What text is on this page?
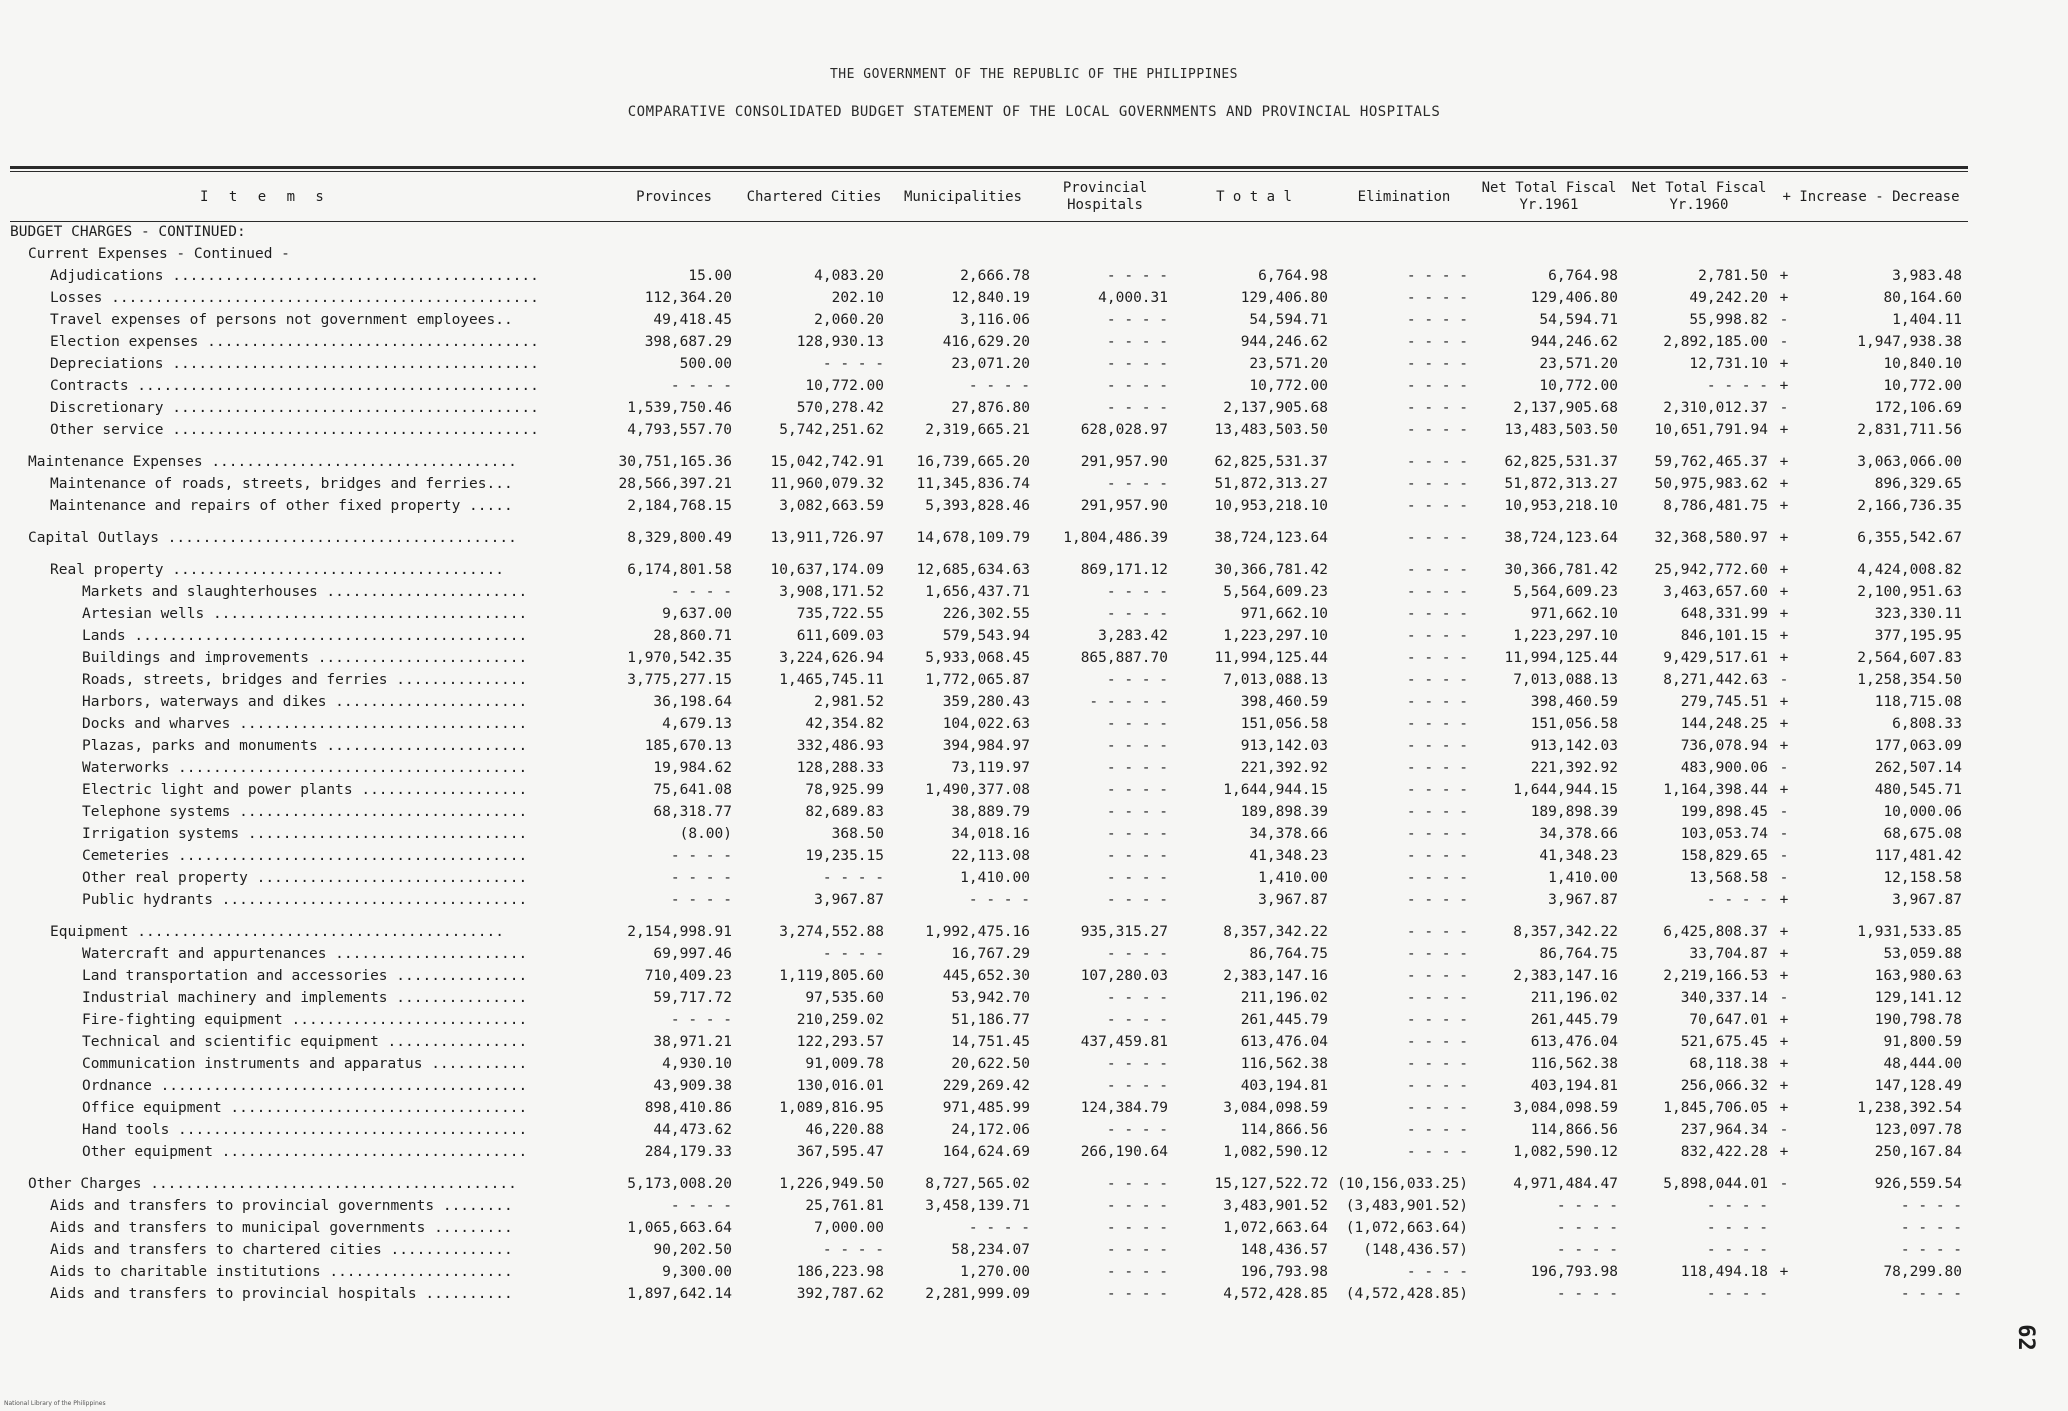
THE GOVERNMENT OF THE REPUBLIC OF THE PHILIPPINES
COMPARATIVE CONSOLIDATED BUDGET STATEMENT OF THE LOCAL GOVERNMENTS AND PROVINCIAL HOSPITALS
I t e m s	Provinces	Chartered Cities	Municipalities	Provincial Hospitals	T o t a l	Elimination	Net Total Fiscal Yr.1961	Net Total Fiscal Yr.1960	+ Increase - Decrease	

BUDGET CHARGES - CONTINUED:										

Current Expenses - Continued -										

Adjudications ..........................................	15.00	4,083.20	2,666.78	- - - -	6,764.98	- - - -	6,764.98	2,781.50	+	3,983.48

Losses .................................................	112,364.20	202.10	12,840.19	4,000.31	129,406.80	- - - -	129,406.80	49,242.20	+	80,164.60

Travel expenses of persons not government employees..	49,418.45	2,060.20	3,116.06	- - - -	54,594.71	- - - -	54,594.71	55,998.82	-	1,404.11

Election expenses ......................................	398,687.29	128,930.13	416,629.20	- - - -	944,246.62	- - - -	944,246.62	2,892,185.00	-	1,947,938.38

Depreciations ..........................................	500.00	- - - -	23,071.20	- - - -	23,571.20	- - - -	23,571.20	12,731.10	+	10,840.10

Contracts ..............................................	- - - -	10,772.00	- - - -	- - - -	10,772.00	- - - -	10,772.00	- - - -	+	10,772.00

Discretionary ..........................................	1,539,750.46	570,278.42	27,876.80	- - - -	2,137,905.68	- - - -	2,137,905.68	2,310,012.37	-	172,106.69

Other service ..........................................	4,793,557.70	5,742,251.62	2,319,665.21	628,028.97	13,483,503.50	- - - -	13,483,503.50	10,651,791.94	+	2,831,711.56

Maintenance Expenses ...................................	30,751,165.36	15,042,742.91	16,739,665.20	291,957.90	62,825,531.37	- - - -	62,825,531.37	59,762,465.37	+	3,063,066.00

Maintenance of roads, streets, bridges and ferries...	28,566,397.21	11,960,079.32	11,345,836.74	- - - -	51,872,313.27	- - - -	51,872,313.27	50,975,983.62	+	896,329.65

Maintenance and repairs of other fixed property .....	2,184,768.15	3,082,663.59	5,393,828.46	291,957.90	10,953,218.10	- - - -	10,953,218.10	8,786,481.75	+	2,166,736.35

Capital Outlays ........................................	8,329,800.49	13,911,726.97	14,678,109.79	1,804,486.39	38,724,123.64	- - - -	38,724,123.64	32,368,580.97	+	6,355,542.67

Real property ......................................	6,174,801.58	10,637,174.09	12,685,634.63	869,171.12	30,366,781.42	- - - -	30,366,781.42	25,942,772.60	+	4,424,008.82

Markets and slaughterhouses .......................	- - - -	3,908,171.52	1,656,437.71	- - - -	5,564,609.23	- - - -	5,564,609.23	3,463,657.60	+	2,100,951.63

Artesian wells ....................................	9,637.00	735,722.55	226,302.55	- - - -	971,662.10	- - - -	971,662.10	648,331.99	+	323,330.11

Lands .............................................	28,860.71	611,609.03	579,543.94	3,283.42	1,223,297.10	- - - -	1,223,297.10	846,101.15	+	377,195.95

Buildings and improvements ........................	1,970,542.35	3,224,626.94	5,933,068.45	865,887.70	11,994,125.44	- - - -	11,994,125.44	9,429,517.61	+	2,564,607.83

Roads, streets, bridges and ferries ...............	3,775,277.15	1,465,745.11	1,772,065.87	- - - -	7,013,088.13	- - - -	7,013,088.13	8,271,442.63	-	1,258,354.50

Harbors, waterways and dikes ......................	36,198.64	2,981.52	359,280.43	- - - - -	398,460.59	- - - -	398,460.59	279,745.51	+	118,715.08

Docks and wharves .................................	4,679.13	42,354.82	104,022.63	- - - -	151,056.58	- - - -	151,056.58	144,248.25	+	6,808.33

Plazas, parks and monuments .......................	185,670.13	332,486.93	394,984.97	- - - -	913,142.03	- - - -	913,142.03	736,078.94	+	177,063.09

Waterworks ........................................	19,984.62	128,288.33	73,119.97	- - - -	221,392.92	- - - -	221,392.92	483,900.06	-	262,507.14

Electric light and power plants ...................	75,641.08	78,925.99	1,490,377.08	- - - -	1,644,944.15	- - - -	1,644,944.15	1,164,398.44	+	480,545.71

Telephone systems .................................	68,318.77	82,689.83	38,889.79	- - - -	189,898.39	- - - -	189,898.39	199,898.45	-	10,000.06

Irrigation systems ................................	(8.00)	368.50	34,018.16	- - - -	34,378.66	- - - -	34,378.66	103,053.74	-	68,675.08

Cemeteries ........................................	- - - -	19,235.15	22,113.08	- - - -	41,348.23	- - - -	41,348.23	158,829.65	-	117,481.42

Other real property ...............................	- - - -	- - - -	1,410.00	- - - -	1,410.00	- - - -	1,410.00	13,568.58	-	12,158.58

Public hydrants ...................................	- - - -	3,967.87	- - - -	- - - -	3,967.87	- - - -	3,967.87	- - - -	+	3,967.87

Equipment ..........................................	2,154,998.91	3,274,552.88	1,992,475.16	935,315.27	8,357,342.22	- - - -	8,357,342.22	6,425,808.37	+	1,931,533.85

Watercraft and appurtenances ......................	69,997.46	- - - -	16,767.29	- - - -	86,764.75	- - - -	86,764.75	33,704.87	+	53,059.88

Land transportation and accessories ...............	710,409.23	1,119,805.60	445,652.30	107,280.03	2,383,147.16	- - - -	2,383,147.16	2,219,166.53	+	163,980.63

Industrial machinery and implements ...............	59,717.72	97,535.60	53,942.70	- - - -	211,196.02	- - - -	211,196.02	340,337.14	-	129,141.12

Fire-fighting equipment ...........................	- - - -	210,259.02	51,186.77	- - - -	261,445.79	- - - -	261,445.79	70,647.01	+	190,798.78

Technical and scientific equipment ................	38,971.21	122,293.57	14,751.45	437,459.81	613,476.04	- - - -	613,476.04	521,675.45	+	91,800.59

Communication instruments and apparatus ...........	4,930.10	91,009.78	20,622.50	- - - -	116,562.38	- - - -	116,562.38	68,118.38	+	48,444.00

Ordnance ..........................................	43,909.38	130,016.01	229,269.42	- - - -	403,194.81	- - - -	403,194.81	256,066.32	+	147,128.49

Office equipment ..................................	898,410.86	1,089,816.95	971,485.99	124,384.79	3,084,098.59	- - - -	3,084,098.59	1,845,706.05	+	1,238,392.54

Hand tools ........................................	44,473.62	46,220.88	24,172.06	- - - -	114,866.56	- - - -	114,866.56	237,964.34	-	123,097.78

Other equipment ...................................	284,179.33	367,595.47	164,624.69	266,190.64	1,082,590.12	- - - -	1,082,590.12	832,422.28	+	250,167.84

Other Charges ..........................................	5,173,008.20	1,226,949.50	8,727,565.02	- - - -	15,127,522.72	(10,156,033.25)	4,971,484.47	5,898,044.01	-	926,559.54

Aids and transfers to provincial governments ........	- - - -	25,761.81	3,458,139.71	- - - -	3,483,901.52	(3,483,901.52)	- - - -	- - - -		- - - -

Aids and transfers to municipal governments .........	1,065,663.64	7,000.00	- - - -	- - - -	1,072,663.64	(1,072,663.64)	- - - -	- - - -		- - - -

Aids and transfers to chartered cities ..............	90,202.50	- - - -	58,234.07	- - - -	148,436.57	(148,436.57)	- - - -	- - - -		- - - -

Aids to charitable institutions .....................	9,300.00	186,223.98	1,270.00	- - - -	196,793.98	- - - -	196,793.98	118,494.18	+	78,299.80

Aids and transfers to provincial hospitals ..........	1,897,642.14	392,787.62	2,281,999.09	- - - -	4,572,428.85	(4,572,428.85)	- - - -	- - - -		- - - -
62
National Library of the Philippines
